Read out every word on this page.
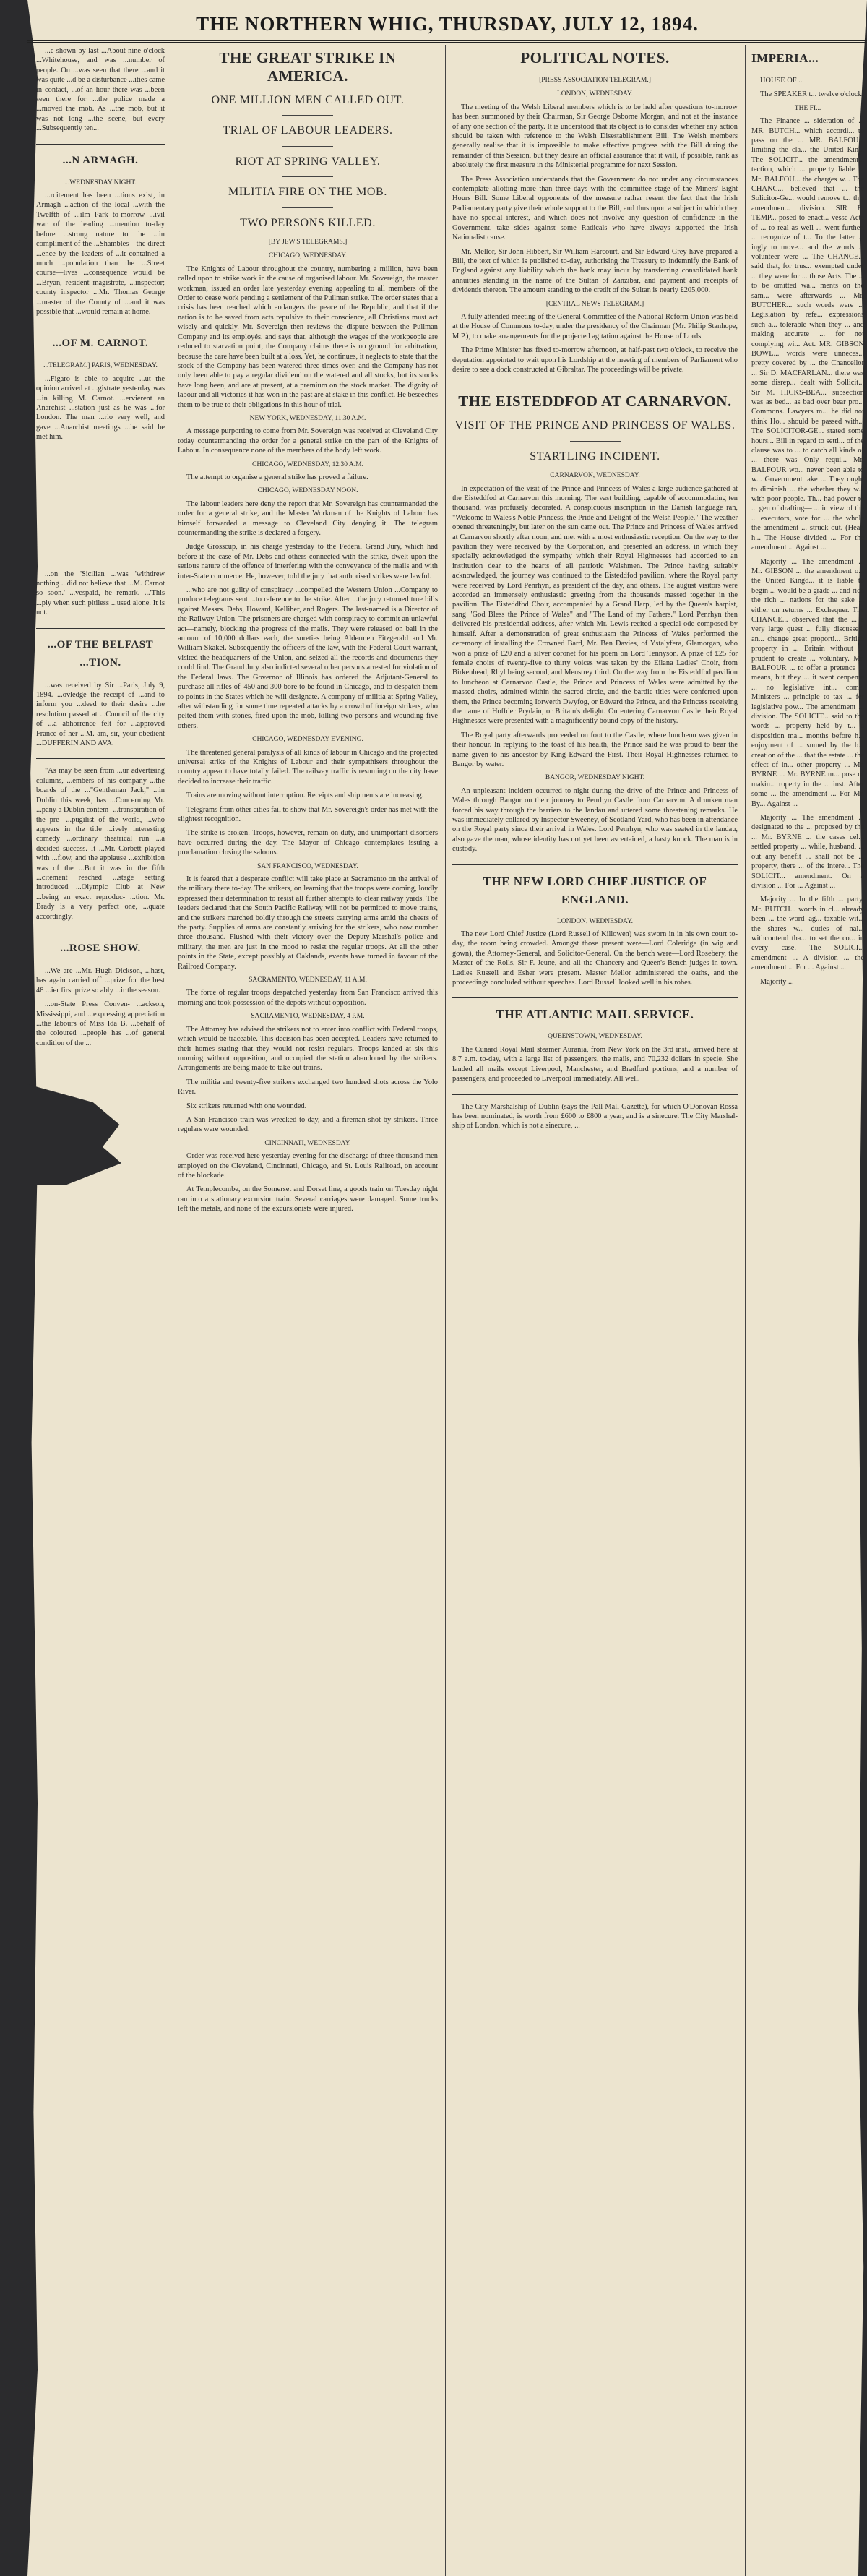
THE NORTHERN WHIG, THURSDAY, JULY 12, 1894.

...e shown by last ...About nine o'clock ...Whitehouse, and was ...number of people. On ...was seen that there ...and it was quite ...d be a disturbance ...ities came in contact, ...of an hour there was ...been seen there for ...the police made a ...moved the mob. As ...the mob, but it was not long ...the scene, but every ...Subsequently ten...

...N ARMAGH.
...WEDNESDAY NIGHT.

...rcitement has been ...tions exist, in Armagh ...action of the local ...with the Twelfth of ...ilm Park to-morrow ...ivil war of the leading ...mention to-day before ...strong nature to the ...in compliment of the ...Shambles—the direct ...ence by the leaders of ...it contained a much ...population than the ...Street course—lives ...consequence would be ...Bryan, resident magistrate, ...inspector; county inspector ...Mr. Thomas George ...master of the County of ...and it was possible that ...would remain at home.

...OF M. CARNOT.
...TELEGRAM.] PARIS, WEDNESDAY.

...Figaro is able to acquire ...ut the opinion arrived at ...gistrate yesterday was ...in killing M. Carnot. ...ervierent an Anarchist ...station just as he was ...for London. The man ...rio very well, and gave ...Anarchist meetings ...he said he met him.

...on the 'Sicilian ...was 'withdrew nothing ...did not believe that ...M. Carnot so soon.' ...vespaid, he remark. ...'This ...ply when such pitiless ...used alone. It is not.

...OF THE BELFAST ...TION.

...was received by Sir ...Paris, July 9, 1894. ...ovledge the receipt of ...and to inform you ...deed to their desire ...he resolution passed at ...Council of the city of ...a abhorrence felt for ...approved France of her ...M. am, sir, your obedient ...DUFFERIN AND AVA.

"As may be seen from ...ur advertising columns, ...embers of his company ...the boards of the ..."Gentleman Jack," ...in Dublin this week, has ...Concerning Mr. ...pany a Dublin contem- ...transpiration of the pre- ...pugilist of the world, ...who appears in the title ...ively interesting comedy ...ordinary theatrical run ...a decided success. It ...Mr. Corbett played with ...flow, and the applause ...exhibition was of the ...But it was in the fifth ...citement reached ...stage setting introduced ...Olympic Club at New ...being an exact reproduc- ...tion. Mr. Brady is a very perfect one, ...quate accordingly.

...ROSE SHOW.

...We are ...Mr. Hugh Dickson, ...hast, has again carried off ...prize for the best 48 ...ier first prize so ably ...ir the season.

...on-State Press Conven- ...ackson, Mississippi, and ...expressing appreciation ...the labours of Miss Ida B. ...behalf of the coloured ...people has ...of general condition of the ...

THE GREAT STRIKE IN AMERICA.
ONE MILLION MEN CALLED OUT.
TRIAL OF LABOUR LEADERS.
RIOT AT SPRING VALLEY.
MILITIA FIRE ON THE MOB.
TWO PERSONS KILLED.
[BY JEW'S TELEGRAMS.]
CHICAGO, WEDNESDAY.

The Knights of Labour throughout the country, numbering a million, have been called upon to strike work in the cause of organised labour. Mr. Sovereign, the master workman, issued an order late yesterday evening appealing to all members of the Order to cease work pending a settlement of the Pullman strike. The order states that a crisis has been reached which endangers the peace of the Republic, and that if the nation is to be saved from acts repulsive to their conscience, all Christians must act wisely and quickly. Mr. Sovereign then reviews the dispute between the Pullman Company and its employés, and says that, although the wages of the workpeople are reduced to starvation point, the Company claims there is no ground for arbitration, because the care have been built at a loss. Yet, he continues, it neglects to state that the stock of the Company has been watered three times over, and the Company has not only been able to pay a regular dividend on the watered and all stocks, but its stocks have long been, and are at present, at a premium on the stock market. The dignity of labour and all victories it has won in the past are at stake in this conflict. He beseeches them to be true to their obligations in this hour of trial.

NEW YORK, WEDNESDAY, 11.30 A.M.

A message purporting to come from Mr. Sovereign was received at Cleveland City today countermanding the order for a general strike on the part of the Knights of Labour. In consequence none of the members of the body left work.

CHICAGO, WEDNESDAY, 12.30 A.M.

The attempt to organise a general strike has proved a failure.

CHICAGO, WEDNESDAY NOON.

The labour leaders here deny the report that Mr. Sovereign has countermanded the order for a general strike, and the Master Workman of the Knights of Labour has himself forwarded a message to Cleveland City denying it. The telegram countermanding the strike is declared a forgery.

Judge Grosscup, in his charge yesterday to the Federal Grand Jury, which had before it the case of Mr. Debs and others connected with the strike, dwelt upon the serious nature of the offence of interfering with the conveyance of the mails and with inter-State commerce. He, however, told the jury that authorised strikes were lawful.

...who are not guilty of conspiracy ...compelled the Western Union ...Company to produce telegrams sent ...to reference to the strike. After ...the jury returned true bills against Messrs. Debs, Howard, Kelliher, and Rogers. The last-named is a Director of the Railway Union. The prisoners are charged with conspiracy to commit an unlawful act—namely, blocking the progress of the mails. They were released on bail in the amount of 10,000 dollars each, the sureties being Aldermen Fitzgerald and Mr. William Skakel. Subsequently the officers of the law, with the Federal Court warrant, visited the headquarters of the Union, and seized all the records and documents they could find. The Grand Jury also indicted several other persons arrested for violation of the Federal laws. The Governor of Illinois has ordered the Adjutant-General to purchase all rifles of '450 and 300 bore to be found in Chicago, and to despatch them to points in the States which he will designate. A company of militia at Spring Valley, after withstanding for some time repeated attacks by a crowd of foreign strikers, who pelted them with stones, fired upon the mob, killing two persons and wounding five others.

CHICAGO, WEDNESDAY EVENING.

The threatened general paralysis of all kinds of labour in Chicago and the projected universal strike of the Knights of Labour and their sympathisers throughout the country appear to have totally failed. The railway traffic is resuming on the city have decided to increase their traffic.

Trains are moving without interruption. Receipts and shipments are increasing.

Telegrams from other cities fail to show that Mr. Sovereign's order has met with the slightest recognition.

The strike is broken. Troops, however, remain on duty, and unimportant disorders have occurred during the day. The Mayor of Chicago contemplates issuing a proclamation closing the saloons.

SAN FRANCISCO, WEDNESDAY.

It is feared that a desperate conflict will take place at Sacramento on the arrival of the military there to-day. The strikers, on learning that the troops were coming, loudly expressed their determination to resist all further attempts to clear railway yards. The leaders declared that the South Pacific Railway will not be permitted to move trains, and the strikers marched boldly through the streets carrying arms amid the cheers of the party. Supplies of arms are constantly arriving for the strikers, who now number three thousand. Flushed with their victory over the Deputy-Marshal's police and military, the men are just in the mood to resist the regular troops. At all the other points in the State, except possibly at Oaklands, events have turned in favour of the Railroad Company.

SACRAMENTO, WEDNESDAY, 11 A.M.

The force of regular troops despatched yesterday from San Francisco arrived this morning and took possession of the depots without opposition.

SACRAMENTO, WEDNESDAY, 4 P.M.

The Attorney has advised the strikers not to enter into conflict with Federal troops, which would be traceable. This decision has been accepted. Leaders have returned to their homes stating that they would not resist regulars. Troops landed at six this morning without opposition, and occupied the station abandoned by the strikers. Arrangements are being made to take out trains.

The militia and twenty-five strikers exchanged two hundred shots across the Yolo River.

Six strikers returned with one wounded.

A San Francisco train was wrecked to-day, and a fireman shot by strikers. Three regulars were wounded.

CINCINNATI, WEDNESDAY.

Order was received here yesterday evening for the discharge of three thousand men employed on the Cleveland, Cincinnati, Chicago, and St. Louis Railroad, on account of the blockade.

At Templecombe, on the Somerset and Dorset line, a goods train on Tuesday night ran into a stationary excursion train. Several carriages were damaged. Some trucks left the metals, and none of the excursionists were injured.

POLITICAL NOTES.
[PRESS ASSOCIATION TELEGRAM.]
LONDON, WEDNESDAY.

The meeting of the Welsh Liberal members which is to be held after questions to-morrow has been summoned by their Chairman, Sir George Osborne Morgan, and not at the instance of any one section of the party. It is understood that its object is to consider whether any action should be taken with reference to the Welsh Disestablishment Bill. The Welsh members generally realise that it is impossible to make effective progress with the Bill during the remainder of this Session, but they desire an official assurance that it will, if possible, rank as absolutely the first measure in the Ministerial programme for next Session.

The Press Association understands that the Government do not under any circumstances contemplate allotting more than three days with the committee stage of the Miners' Eight Hours Bill. Some Liberal opponents of the measure rather resent the fact that the Irish Parliamentary party give their whole support to the Bill, and thus upon a subject in which they have no special interest, and which does not involve any question of confidence in the Government, take sides against some Radicals who have always supported the Irish Nationalist cause.

Mr. Mellor, Sir John Hibbert, Sir William Harcourt, and Sir Edward Grey have prepared a Bill, the text of which is published to-day, authorising the Treasury to indemnify the Bank of England against any liability which the bank may incur by transferring consolidated bank annuities standing in the name of the Sultan of Zanzibar, and payment and receipts of dividends thereon. The amount standing to the credit of the Sultan is nearly £205,000.

[CENTRAL NEWS TELEGRAM.]

A fully attended meeting of the General Committee of the National Reform Union was held at the House of Commons to-day, under the presidency of the Chairman (Mr. Philip Stanhope, M.P.), to make arrangements for the projected agitation against the House of Lords.

The Prime Minister has fixed to-morrow afternoon, at half-past two o'clock, to receive the deputation appointed to wait upon his Lordship at the meeting of members of Parliament who desire to see a dock constructed at Gibraltar. The proceedings will be private.

THE EISTEDDFOD AT CARNARVON.
VISIT OF THE PRINCE AND PRINCESS OF WALES.
STARTLING INCIDENT.
CARNARVON, WEDNESDAY.

In expectation of the visit of the Prince and Princess of Wales a large audience gathered at the Eisteddfod at Carnarvon this morning. The vast building, capable of accommodating ten thousand, was profusely decorated. A conspicuous inscription in the Danish language ran, "Welcome to Wales's Noble Princess, the Pride and Delight of the Welsh People." The weather opened threateningly, but later on the sun came out. The Prince and Princess of Wales arrived at Carnarvon shortly after noon, and met with a most enthusiastic reception. On the way to the pavilion they were received by the Corporation, and presented an address, in which they specially acknowledged the sympathy which their Royal Highnesses had accorded to an institution dear to the hearts of all patriotic Welshmen. The Prince having suitably acknowledged, the journey was continued to the Eisteddfod pavilion, where the Royal party were received by Lord Penrhyn, as president of the day, and others. The august visitors were accorded an immensely enthusiastic greeting from the thousands massed together in the pavilion. The Eisteddfod Choir, accompanied by a Grand Harp, led by the Queen's harpist, sang "God Bless the Prince of Wales" and "The Land of my Fathers." Lord Penrhyn then delivered his presidential address, after which Mr. Lewis recited a special ode composed by himself. After a demonstration of great enthusiasm the Princess of Wales performed the ceremony of installing the Crowned Bard, Mr. Ben Davies, of Ystalyfera, Glamorgan, who won a prize of £20 and a silver coronet for his poem on Lord Tennyson. A prize of £25 for female choirs of twenty-five to thirty voices was taken by the Eilana Ladies' Choir, from Birkenhead, Rhyl being second, and Menstrey third. On the way from the Eisteddfod pavilion to luncheon at Carnarvon Castle, the Prince and Princess of Wales were admitted by the massed choirs, admitted within the sacred circle, and the bardic titles were conferred upon them, the Prince becoming Iorwerth Dwyfog, or Edward the Prince, and the Princess receiving the name of Hoffder Prydain, or Britain's delight. On entering Carnarvon Castle their Royal Highnesses were presented with a magnificently bound copy of the history.

The Royal party afterwards proceeded on foot to the Castle, where luncheon was given in their honour. In replying to the toast of his health, the Prince said he was proud to bear the name given to his ancestor by King Edward the First. Their Royal Highnesses returned to Bangor by water.

BANGOR, WEDNESDAY NIGHT.

An unpleasant incident occurred to-night during the drive of the Prince and Princess of Wales through Bangor on their journey to Penrhyn Castle from Carnarvon. A drunken man forced his way through the barriers to the landau and uttered some threatening remarks. He was immediately collared by Inspector Sweeney, of Scotland Yard, who has been in attendance on the Royal party since their arrival in Wales. Lord Penrhyn, who was seated in the landau, also gave the man, whose identity has not yet been ascertained, a hasty knock. The man is in custody.

THE NEW LORD CHIEF JUSTICE OF ENGLAND.
LONDON, WEDNESDAY.

The new Lord Chief Justice (Lord Russell of Killowen) was sworn in in his own court to-day, the room being crowded. Amongst those present were—Lord Coleridge (in wig and gown), the Attorney-General, and Solicitor-General. On the bench were—Lord Rosebery, the Master of the Rolls, Sir F. Jeune, and all the Chancery and Queen's Bench judges in town. Ladies Russell and Esher were present. Master Mellor administered the oaths, and the proceedings concluded without speeches. Lord Russell looked well in his robes.

THE ATLANTIC MAIL SERVICE.
QUEENSTOWN, WEDNESDAY.

The Cunard Royal Mail steamer Aurania, from New York on the 3rd inst., arrived here at 8.7 a.m. to-day, with a large list of passengers, the mails, and 70,232 dollars in specie. She landed all mails except Liverpool, Manchester, and Bradford portions, and a number of passengers, and proceeded to Liverpool immediately. All well.

The City Marshalship of Dublin (says the Pall Mall Gazette), for which O'Donovan Rossa has been nominated, is worth from £600 to £800 a year, and is a sinecure. The City Marshal-ship of London, which is not a sinecure, ...

IMPERIA...

HOUSE OF ...

The SPEAKER t... twelve o'clock.

THE FI...

The Finance ... sideration of ... MR. BUTCH... which accordi... to pass on the ... MR. BALFOU... limiting the cla... the United Kin... The SOLICIT... the amendment... tection, which ... property liable ... Mr. BALFOU... the charges w... The CHANC... believed that ... the Solicitor-Ge... would remove t... this amendmen... division. SIR R. TEMP... posed to enact... vesse Acte of ... to real as well ... went further, ... recognize of t... To the latter ... ingly to move... and the words ... volunteer were ... The CHANCE... said that, for trus... exempted under ... they were for ... those Acts. The ... to be omitted wa... ments on the sam... were afterwards ... Mr. BUTCHER... such words were ... Legislation by refe... expressions such a... tolerable when they ... and making accurate ... for not complying wi... Act. MR. GIBSON BOWL... words were unneces... pretty covered by ... the Chancellor ... Sir D. MACFARLAN... there was some disrep... dealt with Sollicit... Sir M. HICKS-BEA... subsection was as bed... as bad over bear pro... Commons. Lawyers m... he did not think Ho... should be passed with... The SOLICITOR-GE... stated some hours... Bill in regard to settl... of the clause was to ... to catch all kinds of ... there was Only requi... Mr. BALFOUR wo... never been able to w... Government take ... They ought to diminish ... the whether they w... with poor people. Th... had power to ... gen of drafting— ... in view of the ... executors, vote for ... the whole the amendment ... struck out. (Hear, h... The House divided ... For the amendment ... Against ...

Majority ... The amendment ... Mr. GIBSON ... the amendment o... the United Kingd... it is liable to begin ... would be a grade ... and rich the rich ... nations for the sake ... either on returns ... Exchequer. The CHANCE... observed that the ... a very large quest ... fully discussed, an... change great proporti... British property in ... Britain without ... prudent to create ... voluntary. Mr. BALFOUR ... to offer a pretence ... means, but they ... it went cenpenre ... no legislative int... come. Ministers ... principle to tax ... fer legislative pow... The amendment ... division. The SOLICIT... said to the words ... property held by t... a disposition ma... months before h... enjoyment of ... sumed by the b... creation of the ... that the estate ... the effect of in... other property ... Mr. BYRNE ... Mr. BYRNE m... pose of makin... roperty in the ... inst. After some ... the amendment ... For Mr. By... Against ...

Majority ... The amendment ... designated to the ... proposed by the ... Mr. BYRNE ... the cases cel... settled property ... while, husband, ... out any benefit ... shall not be ... property, there ... of the intere... The SOLICIT... amendment. On a division ... For ... Against ...

Majority ... In the fifth ... party. Mr. BUTCH... words in cl... already been ... the word 'ag... taxable wit... the shares w... duties of nal... withcontend tha... to set the co... in every case. The SOLICI... amendment ... A division ... the amendment ... For ... Against ...

Majority ...
